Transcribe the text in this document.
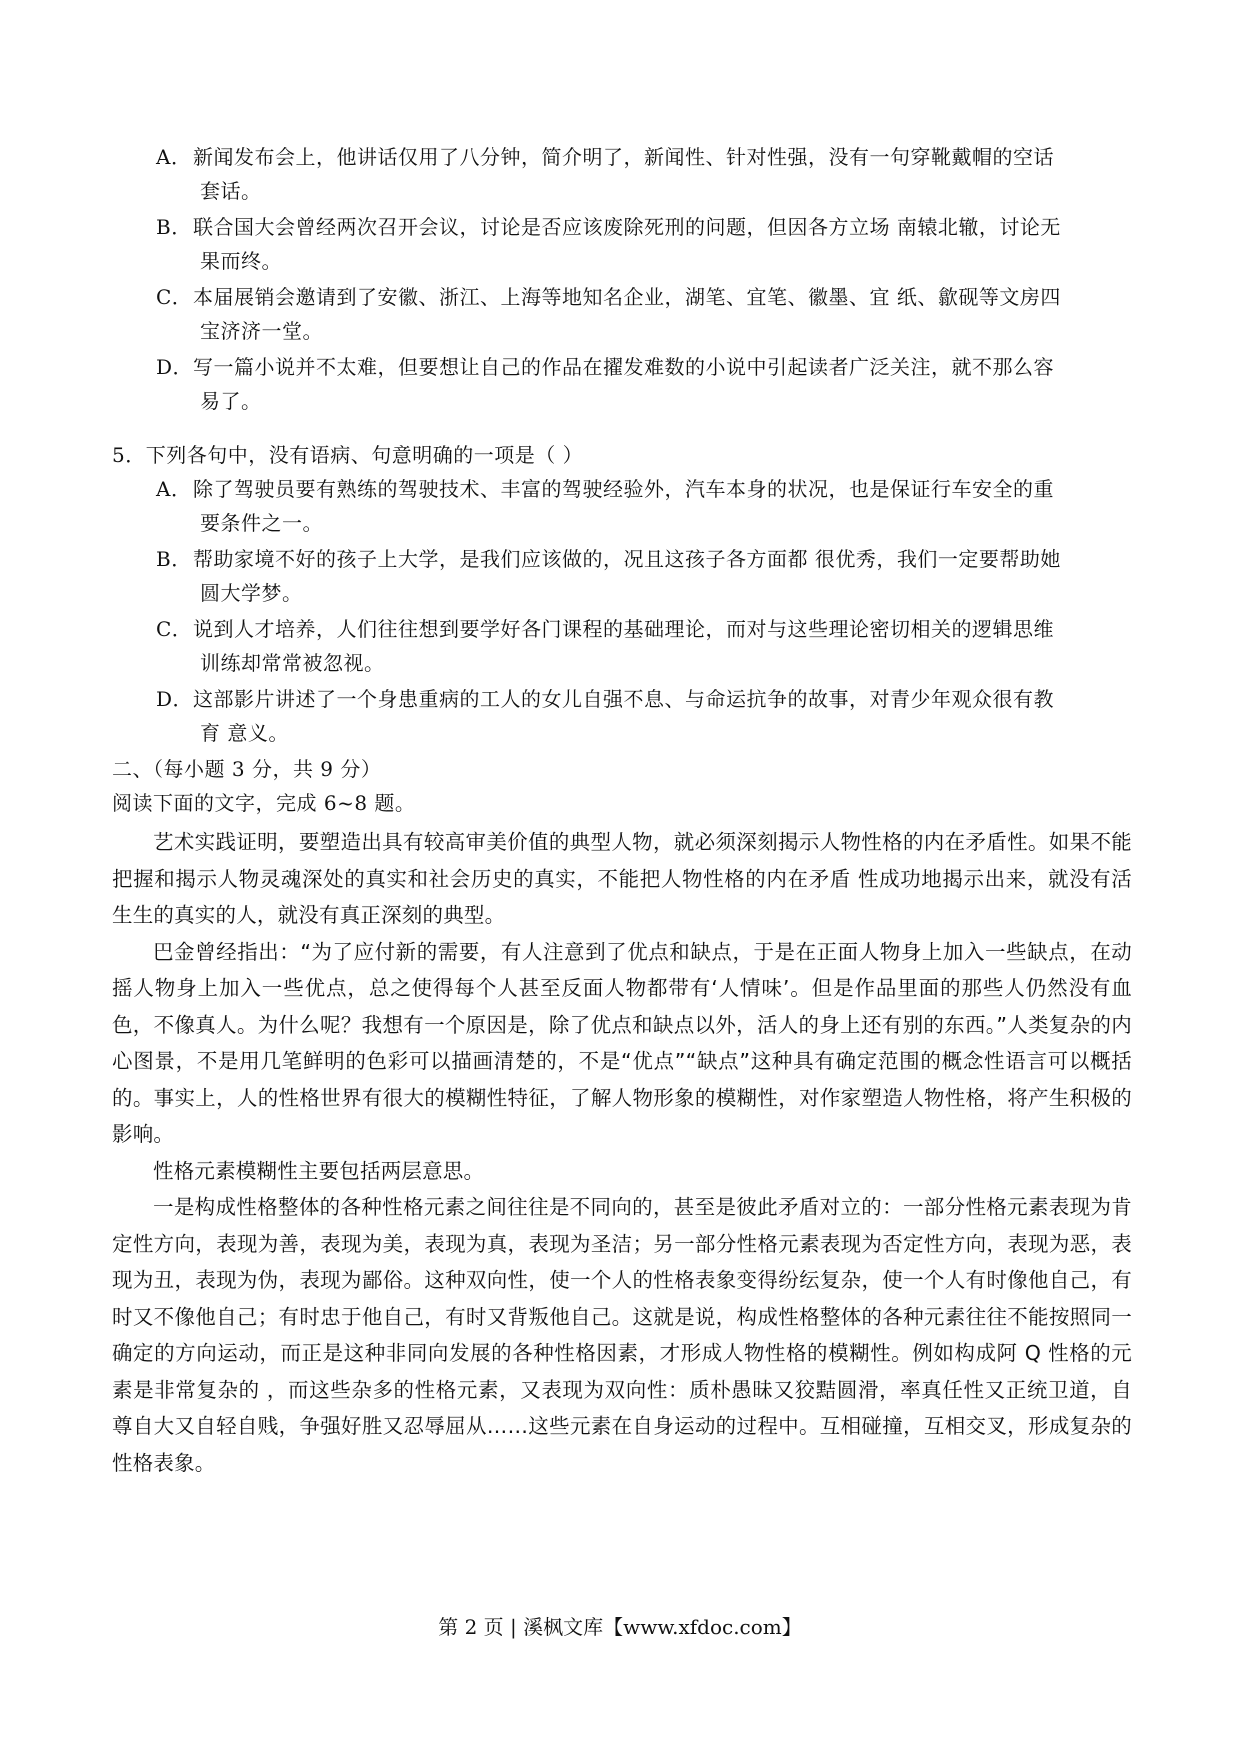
A．新闻发布会上，他讲话仅用了八分钟，简介明了，新闻性、针对性强，没有一句穿靴戴帽的空话
套话。
B．联合国大会曾经两次召开会议，讨论是否应该废除死刑的问题，但因各方立场 南辕北辙，讨论无
果而终。
C．本届展销会邀请到了安徽、浙江、上海等地知名企业，湖笔、宜笔、徽墨、宜 纸、歙砚等文房四
宝济济一堂。
D．写一篇小说并不太难，但要想让自己的作品在擢发难数的小说中引起读者广泛关注，就不那么容
易了。
5．下列各句中，没有语病、句意明确的一项是（ ）
A．除了驾驶员要有熟练的驾驶技术、丰富的驾驶经验外，汽车本身的状况，也是保证行车安全的重
要条件之一。
B．帮助家境不好的孩子上大学，是我们应该做的，况且这孩子各方面都 很优秀，我们一定要帮助她
圆大学梦。
C．说到人才培养，人们往往想到要学好各门课程的基础理论，而对与这些理论密切相关的逻辑思维
训练却常常被忽视。
D．这部影片讲述了一个身患重病的工人的女儿自强不息、与命运抗争的故事，对青少年观众很有教
育 意义。
二、（每小题 3 分，共 9 分）
阅读下面的文字，完成 6~8 题。

艺术实践证明，要塑造出具有较高审美价值的典型人物，就必须深刻揭示人物性格的内在矛盾性。如果不能把握和揭示人物灵魂深处的真实和社会历史的真实，不能把人物性格的内在矛盾 性成功地揭示出来，就没有活生生的真实的人，就没有真正深刻的典型。

巴金曾经指出：“为了应付新的需要，有人注意到了优点和缺点，于是在正面人物身上加入一些缺点，在动摇人物身上加入一些优点，总之使得每个人甚至反面人物都带有‘人情味’。但是作品里面的那些人仍然没有血色，不像真人。为什么呢？我想有一个原因是，除了优点和缺点以外，活人的身上还有别的东西。”人类复杂的内心图景，不是用几笔鲜明的色彩可以描画清楚的，不是“优点”“缺点”这种具有确定范围的概念性语言可以概括的。事实上，人的性格世界有很大的模糊性特征，了解人物形象的模糊性，对作家塑造人物性格，将产生积极的影响。

性格元素模糊性主要包括两层意思。

一是构成性格整体的各种性格元素之间往往是不同向的，甚至是彼此矛盾对立的：一部分性格元素表现为肯定性方向，表现为善，表现为美，表现为真，表现为圣洁；另一部分性格元素表现为否定性方向，表现为恶，表现为丑，表现为伪，表现为鄙俗。这种双向性，使一个人的性格表象变得纷纭复杂，使一个人有时像他自己，有时又不像他自己；有时忠于他自己，有时又背叛他自己。这就是说，构成性格整体的各种元素往往不能按照同一确定的方向运动，而正是这种非同向发展的各种性格因素，才形成人物性格的模糊性。例如构成阿 Q 性格的元素是非常复杂的 ，而这些杂多的性格元素，又表现为双向性：质朴愚昧又狡黠圆滑，率真任性又正统卫道，自尊自大又自轻自贱，争强好胜又忍辱屈从……这些元素在自身运动的过程中。互相碰撞，互相交叉，形成复杂的性格表象。

第 2 页 | 溪枫文库【www.xfdoc.com】
